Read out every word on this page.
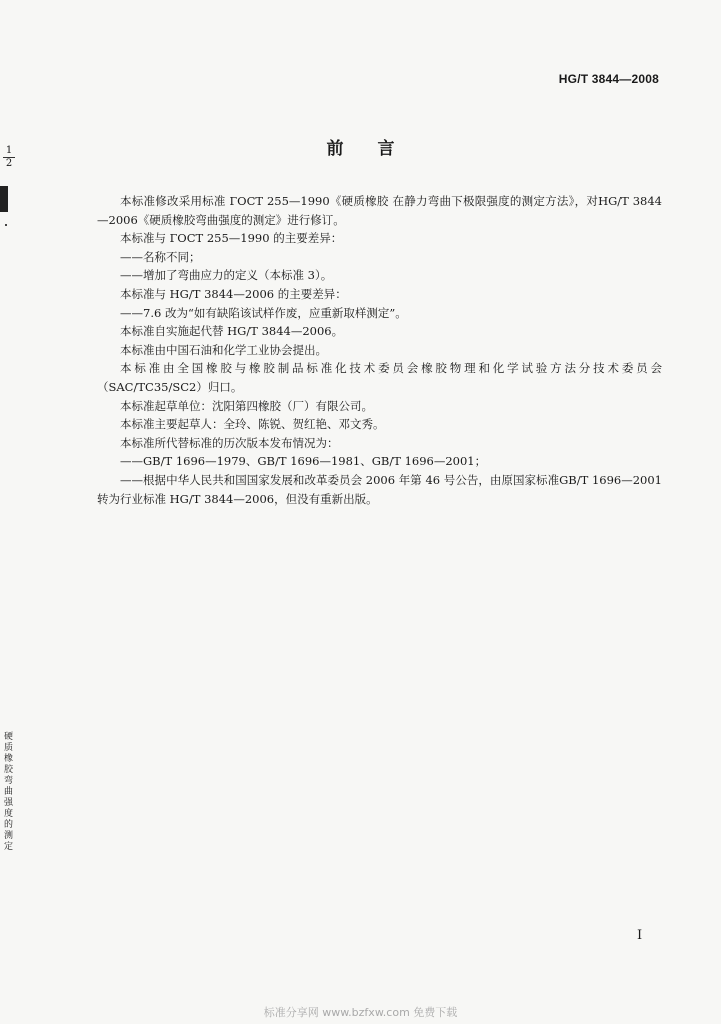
HG/T 3844—2008
$\frac{1}{2}$	前言

本标准修改采用标准 ГОСТ 255—1990《硬质橡胶 在静力弯曲下极限强度的测定方法》，对HG/T 3844—2006《硬质橡胶弯曲强度的测定》进行修订。

本标准与 ГОСТ 255—1990 的主要差异：

——名称不同；

——增加了弯曲应力的定义（本标准 3）。

本标准与 HG/T 3844—2006 的主要差异：

——7.6 改为“如有缺陷该试样作废，应重新取样测定”。

本标准自实施起代替 HG/T 3844—2006。

本标准由中国石油和化学工业协会提出。

本标准由全国橡胶与橡胶制品标准化技术委员会橡胶物理和化学试验方法分技术委员会（SAC/TC35/SC2）归口。

本标准起草单位：沈阳第四橡胶（厂）有限公司。

本标准主要起草人：全玲、陈锐、贺红艳、邓文秀。

本标准所代替标准的历次版本发布情况为：

——GB/T 1696—1979、GB/T 1696—1981、GB/T 1696—2001；

——根据中华人民共和国国家发展和改革委员会 2006 年第 46 号公告，由原国家标准GB/T 1696—2001 转为行业标准 HG/T 3844—2006，但没有重新出版。

硬质橡胶弯曲强度的测定
I
标准分享网 www.bzfxw.com 免费下载
